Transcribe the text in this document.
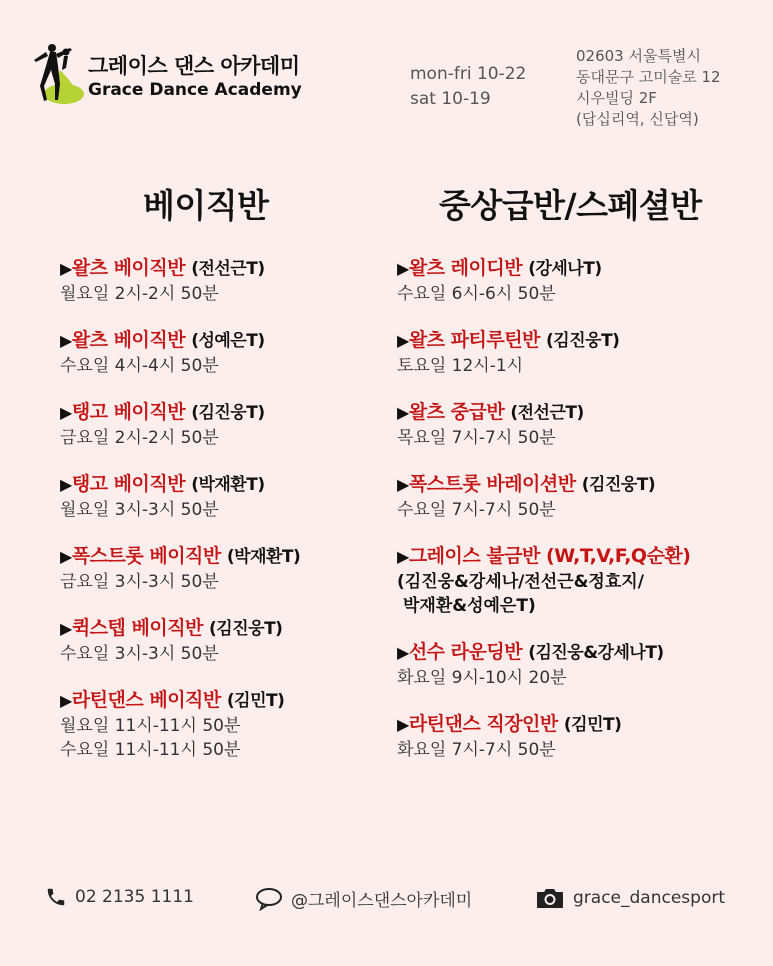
그레이스 댄스 아카데미
Grace Dance Academy
mon-fri 10-22
sat 10-19
02603 서울특별시
동대문구 고미술로 12
시우빌딩 2F
(답십리역, 신답역)
베이직반
▶왈츠 베이직반 (전선근T)
월요일 2시-2시 50분
▶왈츠 베이직반 (성예은T)
수요일 4시-4시 50분
▶탱고 베이직반 (김진웅T)
금요일 2시-2시 50분
▶탱고 베이직반 (박재환T)
월요일 3시-3시 50분
▶폭스트롯 베이직반 (박재환T)
금요일 3시-3시 50분
▶퀵스텝 베이직반 (김진웅T)
수요일 3시-3시 50분
▶라틴댄스 베이직반 (김민T)
월요일 11시-11시 50분
수요일 11시-11시 50분
중상급반/스페셜반
▶왈츠 레이디반 (강세나T)
수요일 6시-6시 50분
▶왈츠 파티루틴반 (김진웅T)
토요일 12시-1시
▶왈츠 중급반 (전선근T)
목요일 7시-7시 50분
▶폭스트롯 바레이션반 (김진웅T)
수요일 7시-7시 50분
▶그레이스 불금반 (W,T,V,F,Q순환)
(김진웅&강세나/전선근&정효지/
박재환&성예은T)
▶선수 라운딩반 (김진웅&강세나T)
화요일 9시-10시 20분
▶라틴댄스 직장인반 (김민T)
화요일 7시-7시 50분
02 2135 1111	@그레이스댄스아카데미	grace_dancesport
